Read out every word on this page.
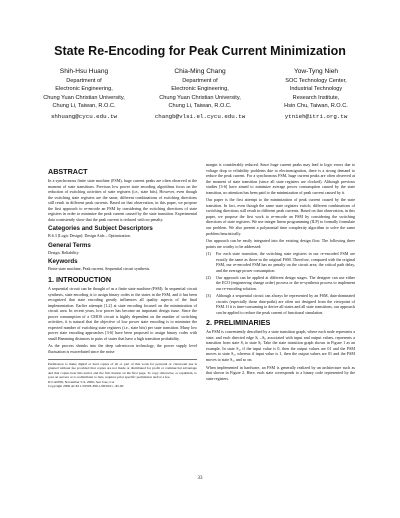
State Re-Encoding for Peak Current Minimization
Shih-Hsu Huang
Department of
Electronic Engineering,
Chung Yuan Christian University,
Chung Li, Taiwan, R.O.C.
shhuang@cycu.edu.tw
Chia-Ming Chang
Department of
Electronic Engineering,
Chung Yuan Christian University,
Chung Li, Taiwan, R.O.C.
changb@vlsi.el.cycu.edu.tw
Yow-Tyng Nieh
SOC Technology Center,
Industrial Technology
Research Institute,
Hsin Chu, Taiwan, R.O.C.
ytnieh@itri.org.tw
ABSTRACT

In a synchronous finite state machine (FSM), huge current peaks are often observed at the moment of state transitions. Previous low power state encoding algorithms focus on the reduction of switching activities of state registers (i.e., state bits). However, even though the switching state registers are the same, different combinations of switching directions still result in different peak currents. Based on that observation, in this paper, we propose the first approach to re-encode an FSM by considering the switching directions of state registers in order to minimize the peak current caused by the state transition. Experimental data consistently show that the peak current is reduced with no penalty.

Categories and Subject Descriptors

B.6.3 [Logic Design]: Design Aids – Optimization.

General Terms

Design, Reliability.

Keywords

Finite state machine, Peak current, Sequential circuit synthesis.

1. INTRODUCTION

A sequential circuit can be thought of as a finite state machine (FSM). In sequential circuit synthesis, state encoding is to assign binary codes to the states in the FSM, and it has been recognized that state encoding greatly influences all quality aspects of the final implementation. Earlier attempts [1,2] at state encoding focused on the minimization of circuit area. In recent years, low power has become an important design issue. Since the power consumption of a CMOS circuit is highly dependent on the number of switching activities, it is natural that the objective of low power state encoding is to minimize the expected number of switching state registers (i.e., state bits) per state transition. Many low power state encoding approaches [3-6] have been proposed to assign binary codes with small Hamming distances to pairs of states that have a high transition probability.

As the process shrinks into the deep sub-micron technology, the power supply level fluctuation is exacerbated since the noise

Permission to make digital or hard copies of all or part of this work for personal or classroom use is granted without fee provided that copies are not made or distributed for profit or commercial advantage and that copies bear this notice and the full citation on the first page. To copy otherwise, or republish, to post on servers or to redistribute to lists, requires prior specific permission and/or a fee.
ICCAD'06, November 5-9, 2006, San Jose, CA
Copyright 2006 ACM 1-59593-389-1/06/0011...$5.00

margin is considerably reduced. Since huge current peaks may lead to logic errors due to voltage drop or reliability problems due to electromigration, there is a strong demand to reduce the peak current. For a synchronous FSM, huge current peaks are often observed at the moment of state transition (since all state registers are clocked). Although previous studies [3-6] have aimed to minimize average power consumption caused by the state transition, no attention has been paid to the minimization of peak current caused by it.

Our paper is the first attempt to the minimization of peak current caused by the state transition. In fact, even though the same state registers switch, different combinations of switching directions still result in different peak currents. Based on that observation, in this paper, we propose the first work to re-encode an FSM by considering the switching directions of state registers. We use integer linear programming (ILP) to formally formulate our problem. We also present a polynomial time complexity algorithm to solve the same problem heuristically.

Our approach can be easily integrated into the existing design flow. The following three points are worthy to be addressed:

(1)	For each state transition, the switching state registers in our re-encoded FSM are exactly the same as those in the original FSM. Therefore, compared with the original FSM, our re-encoded FSM has no penalty on the circuit area, the critical path delay, and the average power consumption.
(2)	Our approach can be applied at different design stages. The designer can use either the ECO (engineering change order) process or the re-synthesis process to implement our re-encoding solution.
(3)	Although a sequential circuit can always be represented by an FSM, data-dominated circuits (especially those data-paths) are often not designed from the viewpoint of FSM. If it is time-consuming to derive all states and all state transitions, our approach can be applied to reduce the peak current of functional simulation.
2. PRELIMINARIES

An FSM is conveniently described by a state transition graph, where each node represents a state, and each directed edge Sᵢ→Sⱼ, associated with input and output values, represents a transition from state Sᵢ to state Sⱼ. Take the state transition graph shown in Figure 1 as an example. In state S₁, if the input value is 0, then the output values are 01 and the FSM moves to state S₂, whereas if input value is 1, then the output values are 01 and the FSM moves to state S₃, and so on.

When implemented in hardware, an FSM is generally realized by an architecture such as that shown in Figure 2. Here, each state corresponds to a binary code represented by the state registers.

33
